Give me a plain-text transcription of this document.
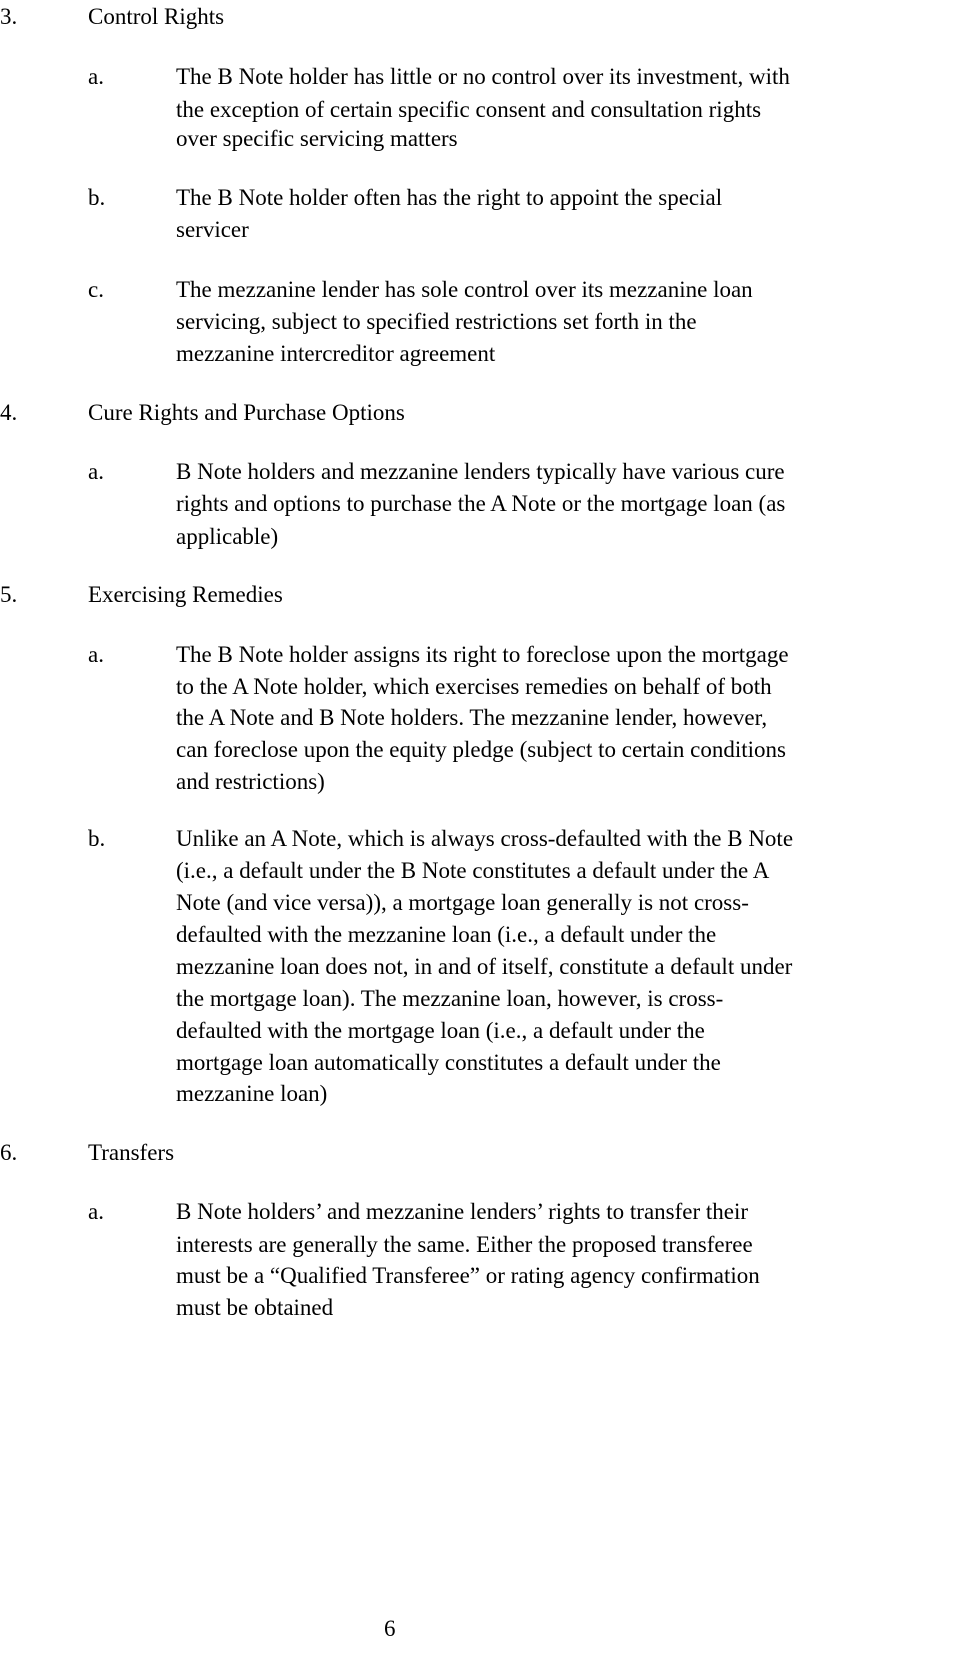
3.	Control Rights
a.	The B Note holder has little or no control over its investment, with
the exception of certain specific consent and consultation rights
over specific servicing matters
b.	The B Note holder often has the right to appoint the special
servicer
c.	The mezzanine lender has sole control over its mezzanine loan
servicing, subject to specified restrictions set forth in the
mezzanine intercreditor agreement
4.	Cure Rights and Purchase Options
a.	B Note holders and mezzanine lenders typically have various cure
rights and options to purchase the A Note or the mortgage loan (as
applicable)
5.	Exercising Remedies
a.	The B Note holder assigns its right to foreclose upon the mortgage
to the A Note holder, which exercises remedies on behalf of both
the A Note and B Note holders. The mezzanine lender, however,
can foreclose upon the equity pledge (subject to certain conditions
and restrictions)
b.	Unlike an A Note, which is always cross-defaulted with the B Note
(i.e., a default under the B Note constitutes a default under the A
Note (and vice versa)), a mortgage loan generally is not cross-
defaulted with the mezzanine loan (i.e., a default under the
mezzanine loan does not, in and of itself, constitute a default under
the mortgage loan). The mezzanine loan, however, is cross-
defaulted with the mortgage loan (i.e., a default under the
mortgage loan automatically constitutes a default under the
mezzanine loan)
6.	Transfers
a.	B Note holders’ and mezzanine lenders’ rights to transfer their
interests are generally the same. Either the proposed transferee
must be a “Qualified Transferee” or rating agency confirmation
must be obtained
6
